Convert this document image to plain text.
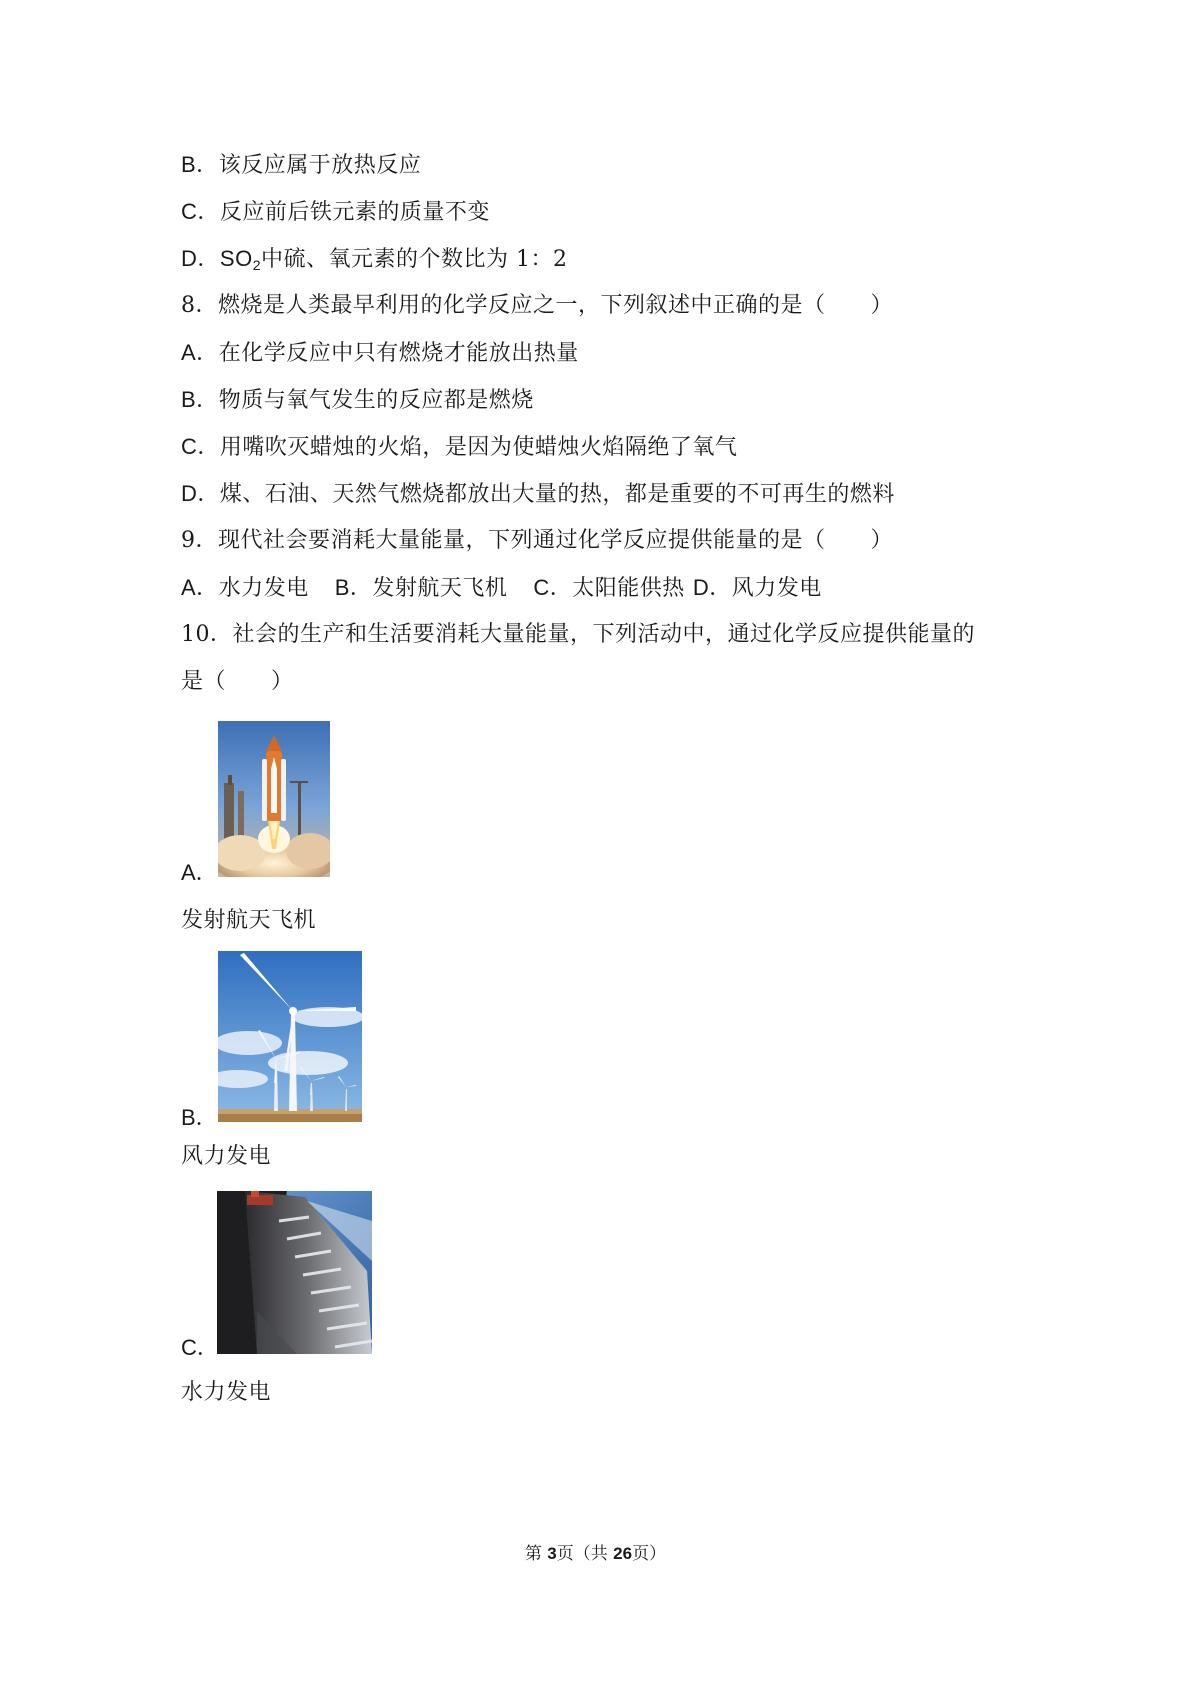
B．该反应属于放热反应
C．反应前后铁元素的质量不变
D．$SO_2$中硫、氧元素的个数比为 1：2
8．燃烧是人类最早利用的化学反应之一，下列叙述中正确的是（　　）
A．在化学反应中只有燃烧才能放出热量
B．物质与氧气发生的反应都是燃烧
C．用嘴吹灭蜡烛的火焰，是因为使蜡烛火焰隔绝了氧气
D．煤、石油、天然气燃烧都放出大量的热，都是重要的不可再生的燃料
9．现代社会要消耗大量能量，下列通过化学反应提供能量的是（　　）
A．水力发电 B．发射航天飞机 C．太阳能供热 D．风力发电
10．社会的生产和生活要消耗大量能量，下列活动中，通过化学反应提供能量的
是（　　）
A．
发射航天飞机
B．
风力发电
C．
水力发电
第 3页（共 26页）
